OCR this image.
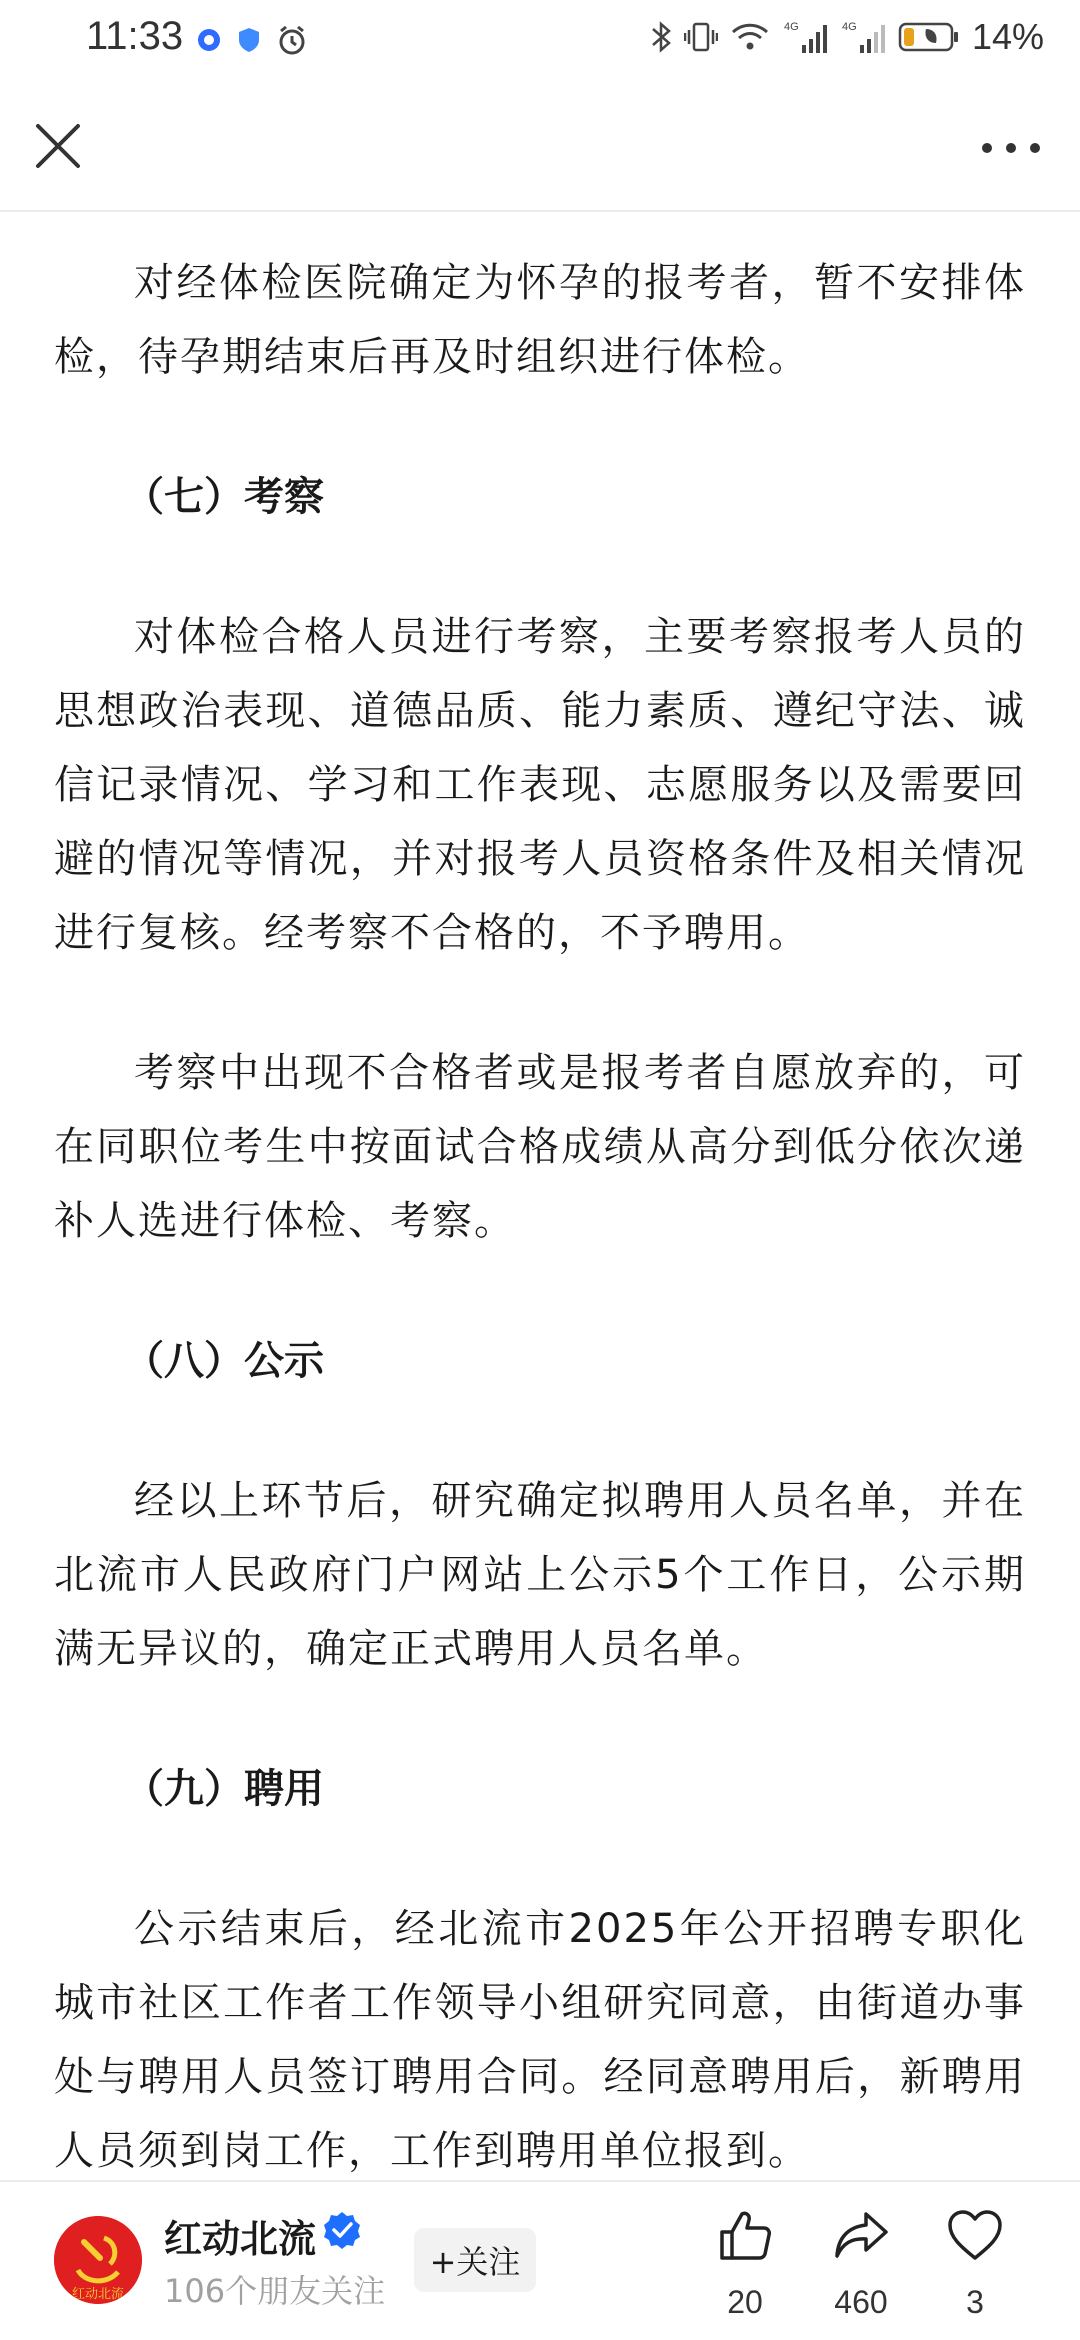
11:33	4G	4G	14%

对经体检医院确定为怀孕的报考者，暂不安排体检，待孕期结束后再及时组织进行体检。

（七）考察

对体检合格人员进行考察，主要考察报考人员的思想政治表现、道德品质、能力素质、遵纪守法、诚信记录情况、学习和工作表现、志愿服务以及需要回避的情况等情况，并对报考人员资格条件及相关情况进行复核。经考察不合格的，不予聘用。

考察中出现不合格者或是报考者自愿放弃的，可在同职位考生中按面试合格成绩从高分到低分依次递补人选进行体检、考察。

（八）公示

经以上环节后，研究确定拟聘用人员名单，并在北流市人民政府门户网站上公示5个工作日，公示期满无异议的，确定正式聘用人员名单。

（九）聘用

公示结束后，经北流市2025年公开招聘专职化城市社区工作者工作领导小组研究同意，由街道办事处与聘用人员签订聘用合同。经同意聘用后，新聘用人员须到岗工作，工作到聘用单位报到。

红动北流
红动北流
106个朋友关注
+关注
20 460 3
